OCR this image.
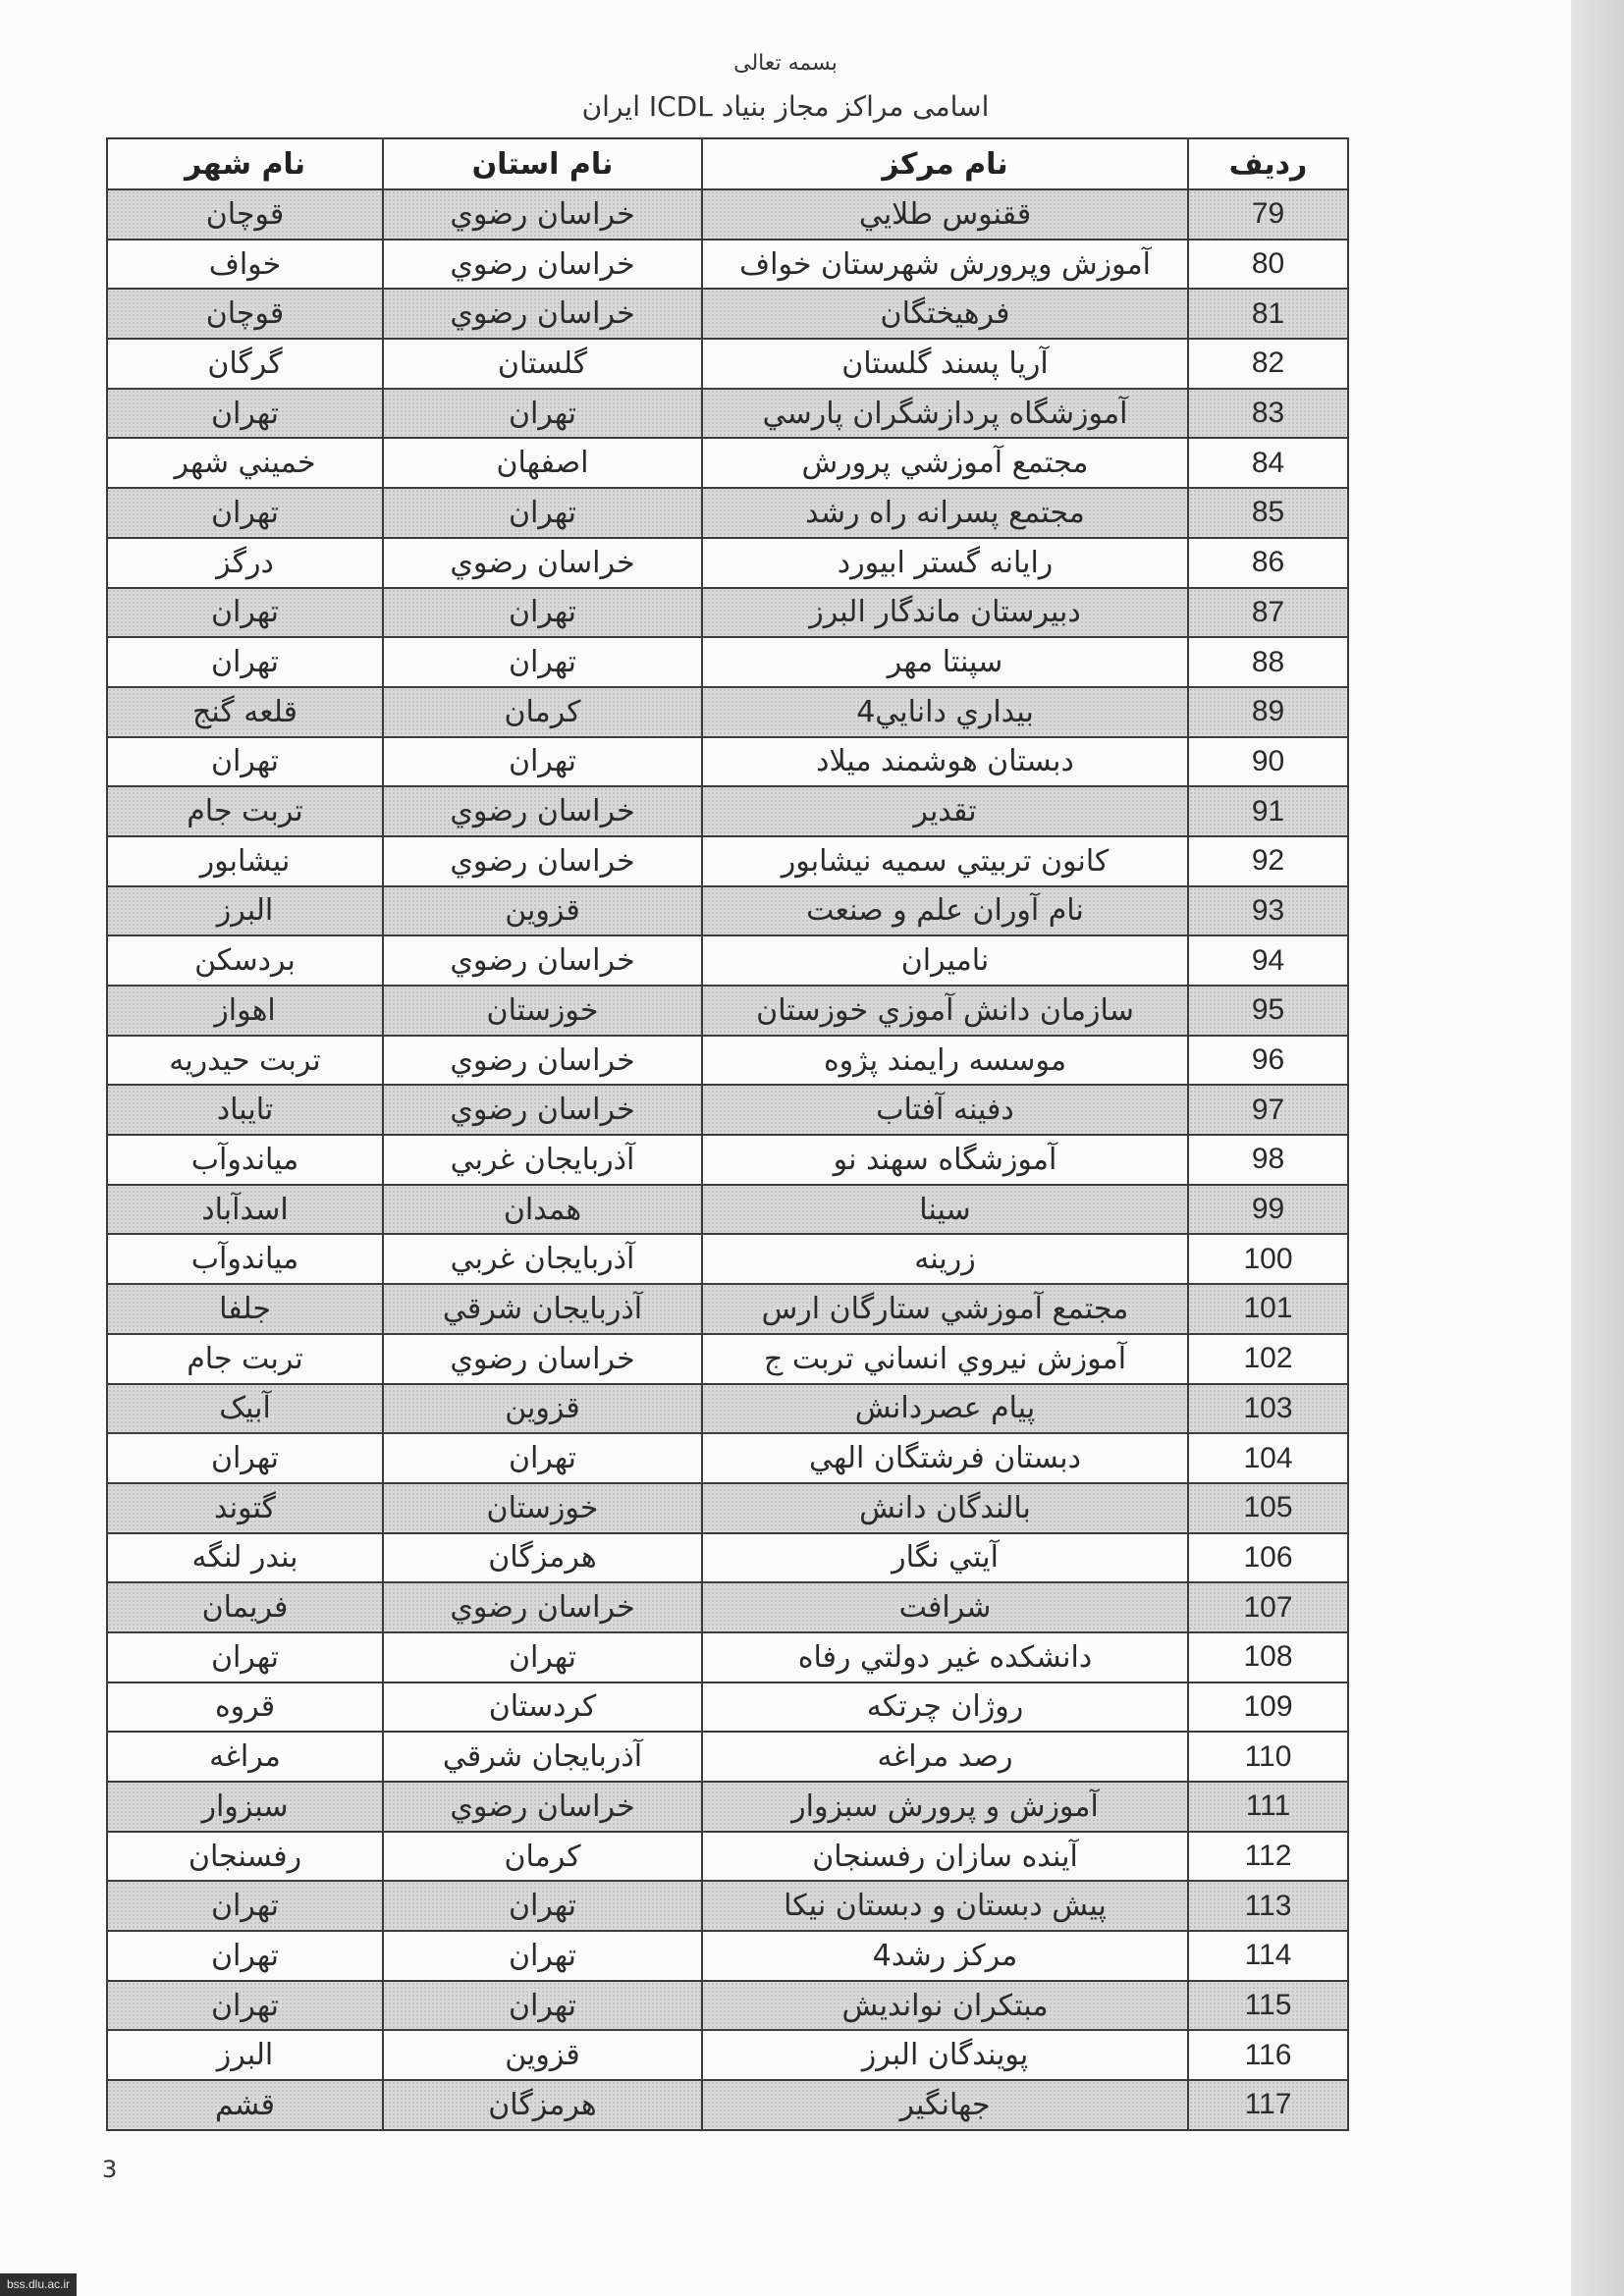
بسمه تعالی
اسامی مراکز مجاز بنیاد ICDL ایران
ردیف	نام مرکز	نام استان	نام شهر
79	ققنوس طلایي	خراسان رضوي	قوچان
80	آموزش وپرورش شهرستان خواف	خراسان رضوي	خواف
81	فرهیختگان	خراسان رضوي	قوچان
82	آریا پسند گلستان	گلستان	گرگان
83	آموزشگاه پردازشگران پارسي	تهران	تهران
84	مجتمع آموزشي پرورش	اصفهان	خمیني شهر
85	مجتمع پسرانه راه رشد	تهران	تهران
86	رایانه گستر ابیورد	خراسان رضوي	درگز
87	دبیرستان ماندگار البرز	تهران	تهران
88	سپنتا مهر	تهران	تهران
89	بیداري دانایي4	کرمان	قلعه گنج
90	دبستان هوشمند میلاد	تهران	تهران
91	تقدیر	خراسان رضوي	تربت جام
92	کانون تربیتي سمیه نیشابور	خراسان رضوي	نیشابور
93	نام آوران علم و صنعت	قزوین	البرز
94	نامیران	خراسان رضوي	بردسکن
95	سازمان دانش آموزي خوزستان	خوزستان	اهواز
96	موسسه رایمند پژوه	خراسان رضوي	تربت حیدریه
97	دفینه آفتاب	خراسان رضوي	تایباد
98	آموزشگاه سهند نو	آذربایجان غربي	میاندوآب
99	سینا	همدان	اسدآباد
100	زرینه	آذربایجان غربي	میاندوآب
101	مجتمع آموزشي ستارگان ارس	آذربایجان شرقي	جلفا
102	آموزش نیروي انساني تربت ج	خراسان رضوي	تربت جام
103	پیام عصردانش	قزوین	آبیک
104	دبستان فرشتگان الهي	تهران	تهران
105	بالندگان دانش	خوزستان	گتوند
106	آیتي نگار	هرمزگان	بندر لنگه
107	شرافت	خراسان رضوي	فریمان
108	دانشکده غیر دولتي رفاه	تهران	تهران
109	روژان چرتکه	کردستان	قروه
110	رصد مراغه	آذربایجان شرقي	مراغه
111	آموزش و پرورش سبزوار	خراسان رضوي	سبزوار
112	آینده سازان رفسنجان	کرمان	رفسنجان
113	پیش دبستان و دبستان نیکا	تهران	تهران
114	مرکز رشد4	تهران	تهران
115	مبتکران نواندیش	تهران	تهران
116	پویندگان البرز	قزوین	البرز
117	جهانگیر	هرمزگان	قشم
3
bss.dlu.ac.ir
